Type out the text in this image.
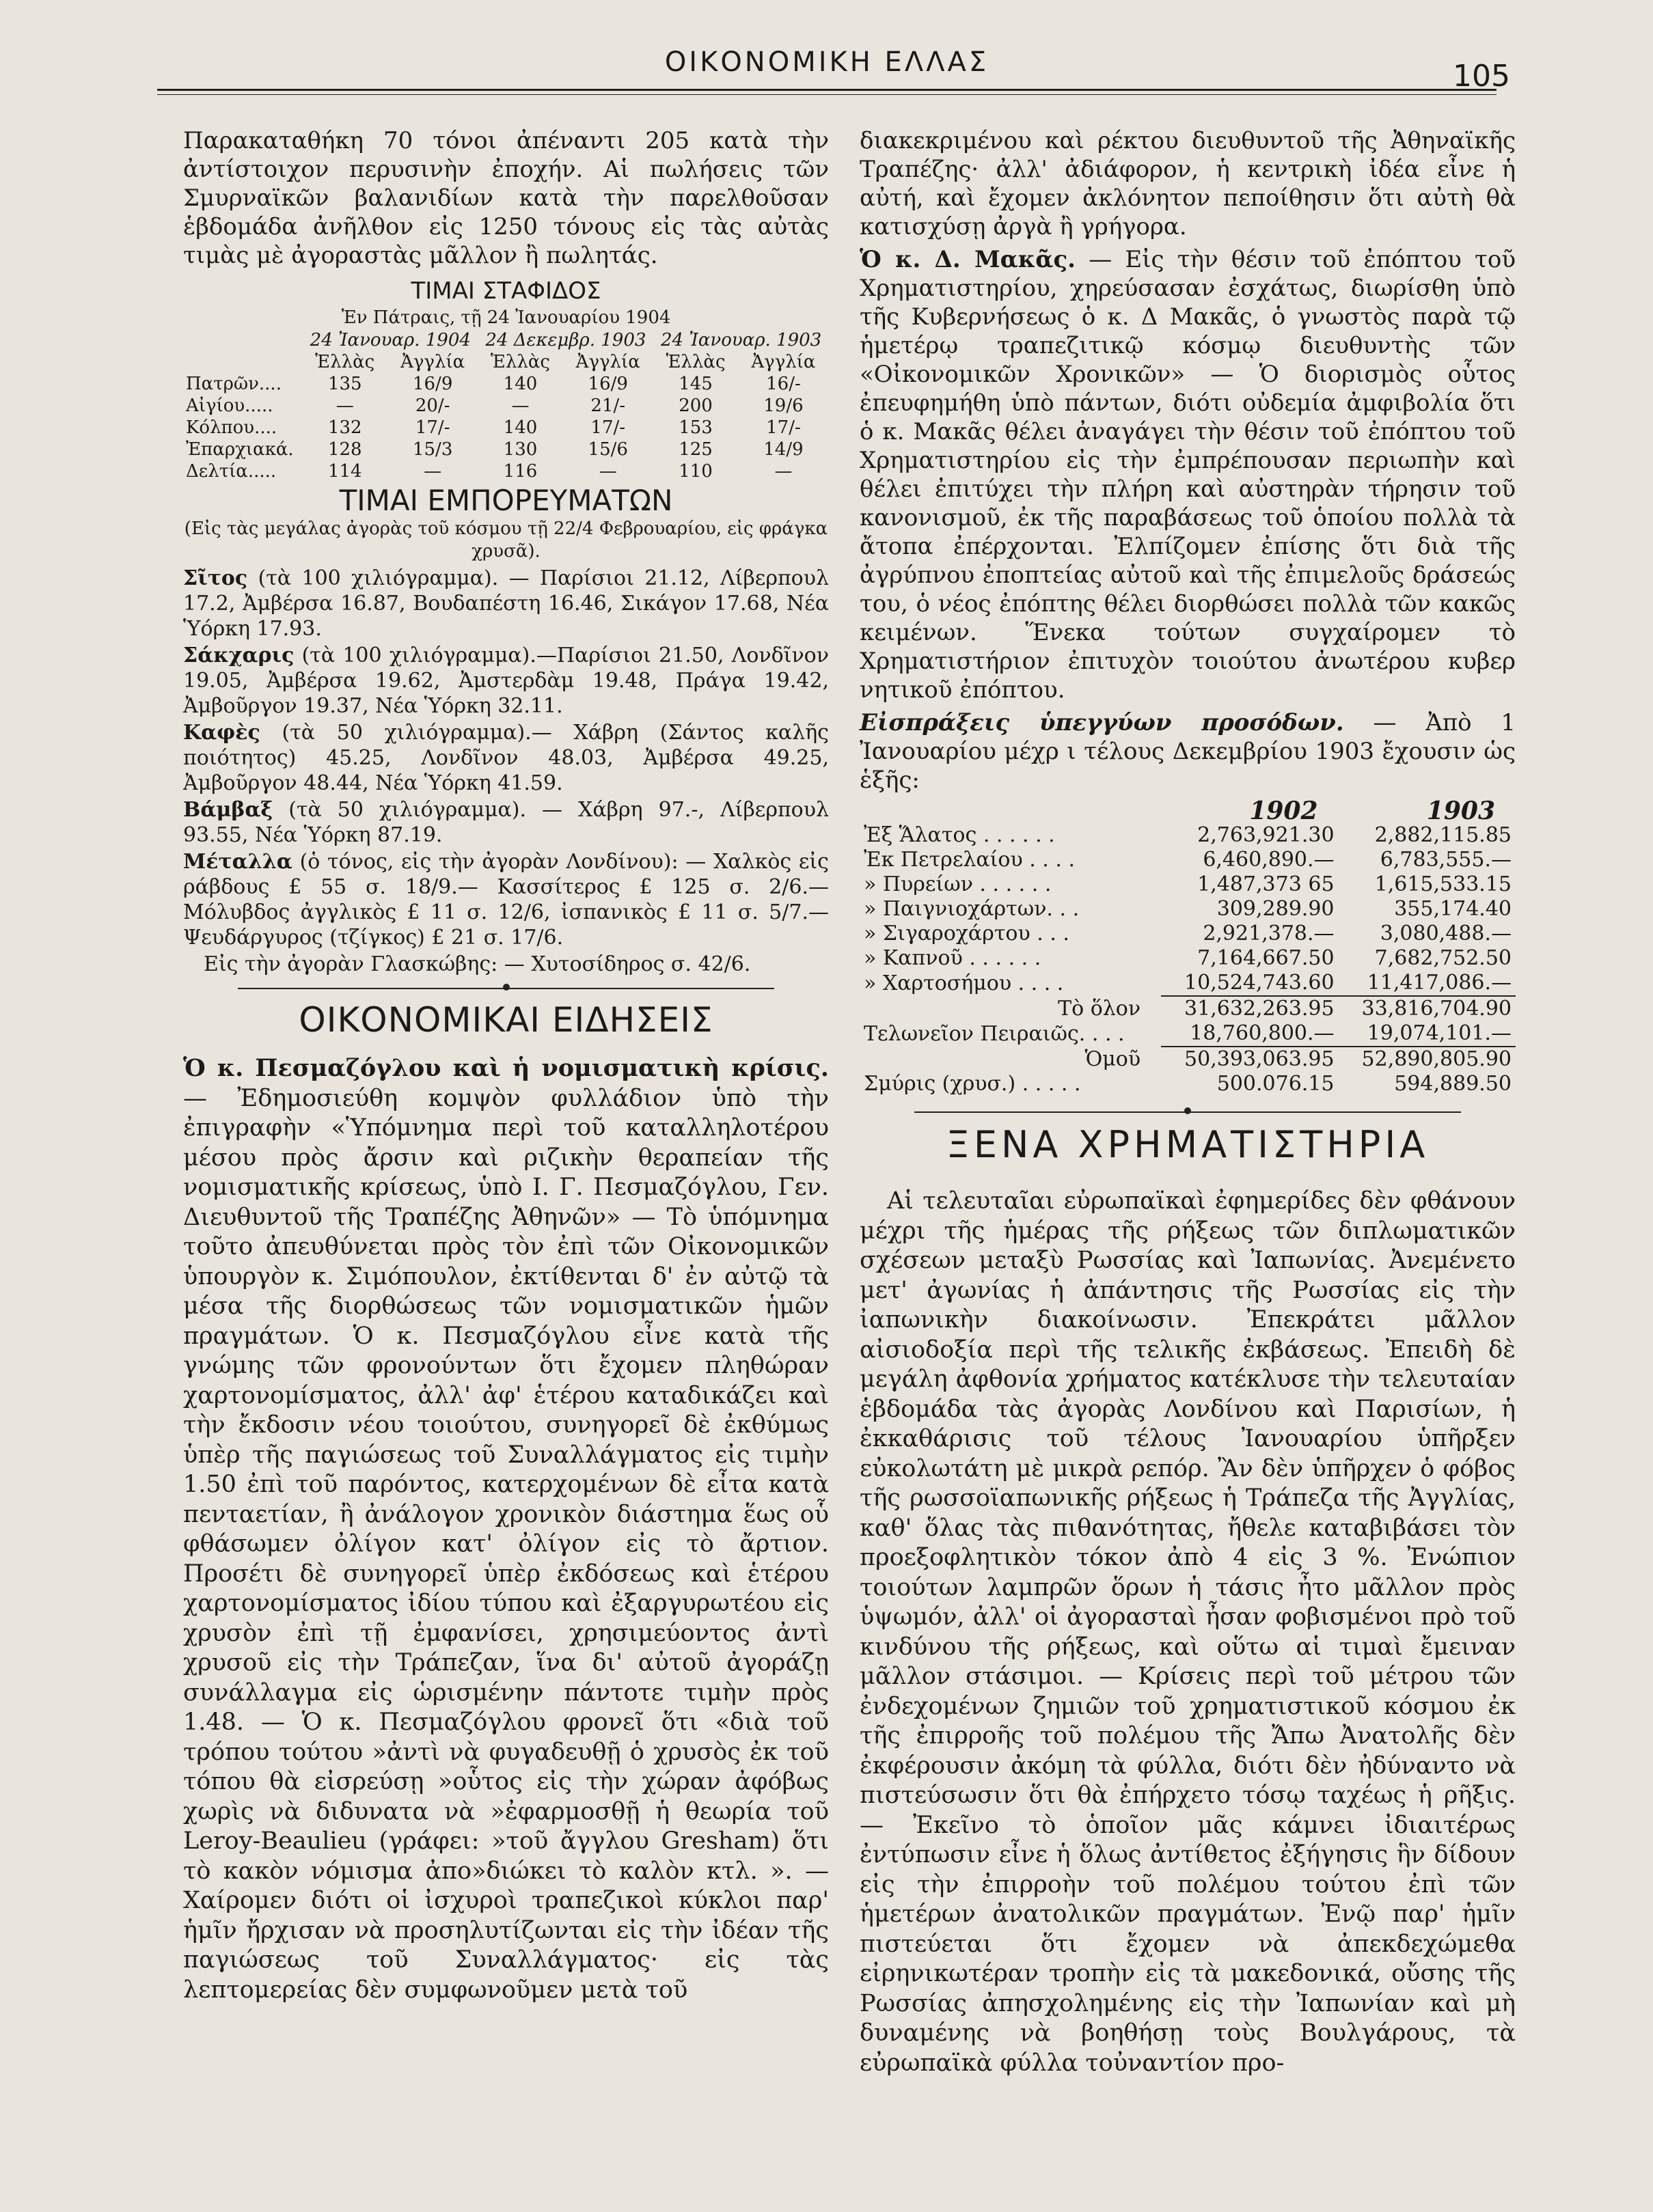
ΟΙΚΟΝΟΜΙΚΗ ΕΛΛΑΣ	105

Παρακαταθήκη 70 τόνοι ἀπέναντι 205 κατὰ τὴν ἀντίστοιχον περυσινὴν ἐποχήν. Αἱ πωλήσεις τῶν Σμυρναϊκῶν βαλανιδίων κατὰ τὴν παρελθοῦσαν ἑβδομάδα ἀνῆλθον εἰς 1250 τόνους εἰς τὰς αὐτὰς τιμὰς μὲ ἀγοραστὰς μᾶλλον ἢ πωλητάς.

ΤΙΜΑΙ ΣΤΑΦΙΔΟΣ
Ἐν Πάτραις, τῇ 24 Ἰανουαρίου 1904
	24 Ἰανουαρ. 1904		24 Δεκεμβρ. 1903		24 Ἰανουαρ. 1903	
	Ἑλλὰς	Ἀγγλία	Ἑλλὰς	Ἀγγλία	Ἑλλὰς	Ἀγγλία
Πατρῶν....	135	16/9	140	16/9	145	16/-
Αἰγίου.....	—	20/-	—	21/-	200	19/6
Κόλπου....	132	17/-	140	17/-	153	17/-
Ἐπαρχιακά.	128	15/3	130	15/6	125	14/9
Δελτία.....	114	—	116	—	110	—
ΤΙΜΑΙ ΕΜΠΟΡΕΥΜΑΤΩΝ
(Εἰς τὰς μεγάλας ἀγορὰς τοῦ κόσμου τῇ 22/4 Φεβρουαρίου, εἰς φράγκα χρυσᾶ).

Σῖτος (τὰ 100 χιλιόγραμμα). — Παρίσιοι 21.12, Λίβερπουλ 17.2, Ἀμβέρσα 16.87, Βουδαπέστη 16.46, Σικάγον 17.68, Νέα Ὑόρκη 17.93.

Σάκχαρις (τὰ 100 χιλιόγραμμα).—Παρίσιοι 21.50, Λονδῖνον 19.05, Ἀμβέρσα 19.62, Ἀμστερδὰμ 19.48, Πράγα 19.42, Ἀμβοῦργον 19.37, Νέα Ὑόρκη 32.11.

Καφὲς (τὰ 50 χιλιόγραμμα).— Χάβρη (Σάντος καλῆς ποιότητος) 45.25, Λονδῖνον 48.03, Ἀμβέρσα 49.25, Ἀμβοῦργον 48.44, Νέα Ὑόρκη 41.59.

Βάμβαξ (τὰ 50 χιλιόγραμμα). — Χάβρη 97.-, Λίβερπουλ 93.55, Νέα Ὑόρκη 87.19.

Μέταλλα (ὁ τόνος, εἰς τὴν ἀγορὰν Λονδίνου): — Χαλκὸς εἰς ράβδους £ 55 σ. 18/9.— Κασσίτερος £ 125 σ. 2/6.— Μόλυβδος ἀγγλικὸς £ 11 σ. 12/6, ἰσπανικὸς £ 11 σ. 5/7.— Ψευδάργυρος (τζίγκος) £ 21 σ. 17/6.

Εἰς τὴν ἀγορὰν Γλασκώβης: — Χυτοσίδηρος σ. 42/6.

ΟΙΚΟΝΟΜΙΚΑΙ ΕΙΔΗΣΕΙΣ

Ὁ κ. Πεσμαζόγλου καὶ ἡ νομισματικὴ κρίσις. — Ἐδημοσιεύθη κομψὸν φυλλάδιον ὑπὸ τὴν ἐπιγραφὴν «Ὑπόμνημα περὶ τοῦ καταλληλοτέρου μέσου πρὸς ἄρσιν καὶ ριζικὴν θεραπείαν τῆς νομισματικῆς κρίσεως, ὑπὸ Ι. Γ. Πεσμαζόγλου, Γεν. Διευθυντοῦ τῆς Τραπέζης Ἀθηνῶν» — Τὸ ὑπόμνημα τοῦτο ἀπευθύνεται πρὸς τὸν ἐπὶ τῶν Οἰκονομικῶν ὑπουργὸν κ. Σιμόπουλον, ἐκτίθενται δ' ἐν αὐτῷ τὰ μέσα τῆς διορθώσεως τῶν νομισματικῶν ἡμῶν πραγμάτων. Ὁ κ. Πεσμαζόγλου εἶνε κατὰ τῆς γνώμης τῶν φρονούντων ὅτι ἔχομεν πληθώραν χαρτονομίσματος, ἀλλ' ἀφ' ἑτέρου καταδικάζει καὶ τὴν ἔκδοσιν νέου τοιούτου, συνηγορεῖ δὲ ἐκθύμως ὑπὲρ τῆς παγιώσεως τοῦ Συναλλάγματος εἰς τιμὴν 1.50 ἐπὶ τοῦ παρόντος, κατερχομένων δὲ εἶτα κατὰ πενταετίαν, ἢ ἀνάλογον χρονικὸν διάστημα ἕως οὗ φθάσωμεν ὀλίγον κατ' ὀλίγον εἰς τὸ ἄρτιον. Προσέτι δὲ συνηγορεῖ ὑπὲρ ἐκδόσεως καὶ ἑτέρου χαρτονομίσματος ἰδίου τύπου καὶ ἐξαργυρωτέου εἰς χρυσὸν ἐπὶ τῇ ἐμφανίσει, χρησιμεύοντος ἀντὶ χρυσοῦ εἰς τὴν Τράπεζαν, ἵνα δι' αὐτοῦ ἀγοράζῃ συνάλλαγμα εἰς ὡρισμένην πάντοτε τιμὴν πρὸς 1.48. — Ὁ κ. Πεσμαζόγλου φρονεῖ ὅτι «διὰ τοῦ τρόπου τούτου »ἀντὶ νὰ φυγαδευθῇ ὁ χρυσὸς ἐκ τοῦ τόπου θὰ εἰσρεύσῃ »οὗτος εἰς τὴν χώραν ἀφόβως χωρὶς νὰ διδυνατα νὰ »ἐφαρμοσθῇ ἡ θεωρία τοῦ Leroy-Beaulieu (γράφει: »τοῦ ἄγγλου Gresham) ὅτι τὸ κακὸν νόμισμα ἀπο»διώκει τὸ καλὸν κτλ. ». — Χαίρομεν διότι οἱ ἰσχυροὶ τραπεζικοὶ κύκλοι παρ' ἡμῖν ἤρχισαν νὰ προσηλυτίζωνται εἰς τὴν ἰδέαν τῆς παγιώσεως τοῦ Συναλλάγματος· εἰς τὰς λεπτομερείας δὲν συμφωνοῦμεν μετὰ τοῦ

διακεκριμένου καὶ ρέκτου διευθυντοῦ τῆς Ἀθηναϊκῆς Τραπέζης· ἀλλ' ἀδιάφορον, ἡ κεντρικὴ ἰδέα εἶνε ἡ αὐτή, καὶ ἔχομεν ἀκλόνητον πεποίθησιν ὅτι αὐτὴ θὰ κατισχύσῃ ἀργὰ ἢ γρήγορα.

Ὁ κ. Δ. Μακᾶς. — Εἰς τὴν θέσιν τοῦ ἐπόπτου τοῦ Χρηματιστηρίου, χηρεύσασαν ἐσχάτως, διωρίσθη ὑπὸ τῆς Κυβερνήσεως ὁ κ. Δ Μακᾶς, ὁ γνωστὸς παρὰ τῷ ἡμετέρῳ τραπεζιτικῷ κόσμῳ διευθυντὴς τῶν «Οἰκονομικῶν Χρονικῶν» — Ὁ διορισμὸς οὗτος ἐπευφημήθη ὑπὸ πάντων, διότι οὐδεμία ἀμφιβολία ὅτι ὁ κ. Μακᾶς θέλει ἀναγάγει τὴν θέσιν τοῦ ἐπόπτου τοῦ Χρηματιστηρίου εἰς τὴν ἐμπρέπουσαν περιωπὴν καὶ θέλει ἐπιτύχει τὴν πλήρη καὶ αὐστηρὰν τήρησιν τοῦ κανονισμοῦ, ἐκ τῆς παραβάσεως τοῦ ὁποίου πολλὰ τὰ ἄτοπα ἐπέρχονται. Ἐλπίζομεν ἐπίσης ὅτι διὰ τῆς ἀγρύπνου ἐποπτείας αὐτοῦ καὶ τῆς ἐπιμελοῦς δράσεώς του, ὁ νέος ἐπόπτης θέλει διορθώσει πολλὰ τῶν κακῶς κειμένων. Ἕνεκα τούτων συγχαίρομεν τὸ Χρηματιστήριον ἐπιτυχὸν τοιούτου ἀνωτέρου κυβερ νητικοῦ ἐπόπτου.

Εἰσπράξεις ὑπεγγύων προσόδων. — Ἀπὸ 1 Ἰανουαρίου μέχρ ι τέλους Δεκεμβρίου 1903 ἔχουσιν ὡς ἑξῆς:

	1902	1903
Ἐξ Ἅλατος . . . . . .	2,763,921.30	2,882,115.85
Ἐκ Πετρελαίου . . . .	6,460,890.—	6,783,555.—
» Πυρείων . . . . . .	1,487,373 65	1,615,533.15
» Παιγνιοχάρτων. . .	309,289.90	355,174.40
» Σιγαροχάρτου . . .	2,921,378.—	3,080,488.—
» Καπνοῦ . . . . . .	7,164,667.50	7,682,752.50
» Χαρτοσήμου . . . .	10,524,743.60	11,417,086.—
Τὸ ὅλον	31,632,263.95	33,816,704.90
Τελωνεῖον Πειραιῶς. . . .	18,760,800.—	19,074,101.—
Ὁμοῦ	50,393,063.95	52,890,805.90
Σμύρις (χρυσ.) . . . . .	500.076.15	594,889.50
ΞΕΝΑ ΧΡΗΜΑΤΙΣΤΗΡΙΑ

Αἱ τελευταῖαι εὐρωπαϊκαὶ ἐφημερίδες δὲν φθάνουν μέχρι τῆς ἡμέρας τῆς ρήξεως τῶν διπλωματικῶν σχέσεων μεταξὺ Ρωσσίας καὶ Ἰαπωνίας. Ἀνεμένετο μετ' ἀγωνίας ἡ ἀπάντησις τῆς Ρωσσίας εἰς τὴν ἰαπωνικὴν διακοίνωσιν. Ἐπεκράτει μᾶλλον αἰσιοδοξία περὶ τῆς τελικῆς ἐκβάσεως. Ἐπειδὴ δὲ μεγάλη ἀφθονία χρήματος κατέκλυσε τὴν τελευταίαν ἑβδομάδα τὰς ἀγορὰς Λονδίνου καὶ Παρισίων, ἡ ἐκκαθάρισις τοῦ τέλους Ἰανουαρίου ὑπῆρξεν εὐκολωτάτη μὲ μικρὰ ρεπόρ. Ἂν δὲν ὑπῆρχεν ὁ φόβος τῆς ρωσσοϊαπωνικῆς ρήξεως ἡ Τράπεζα τῆς Ἀγγλίας, καθ' ὅλας τὰς πιθανότητας, ἤθελε καταβιβάσει τὸν προεξοφλητικὸν τόκον ἀπὸ 4 εἰς 3 %. Ἐνώπιον τοιούτων λαμπρῶν ὅρων ἡ τάσις ἦτο μᾶλλον πρὸς ὑψωμόν, ἀλλ' οἱ ἀγορασταὶ ἦσαν φοβισμένοι πρὸ τοῦ κινδύνου τῆς ρήξεως, καὶ οὕτω αἱ τιμαὶ ἔμειναν μᾶλλον στάσιμοι. — Κρίσεις περὶ τοῦ μέτρου τῶν ἐνδεχομένων ζημιῶν τοῦ χρηματιστικοῦ κόσμου ἐκ τῆς ἐπιρροῆς τοῦ πολέμου τῆς Ἄπω Ἀνατολῆς δὲν ἐκφέρουσιν ἀκόμη τὰ φύλλα, διότι δὲν ἠδύναντο νὰ πιστεύσωσιν ὅτι θὰ ἐπήρχετο τόσῳ ταχέως ἡ ρῆξις. — Ἐκεῖνο τὸ ὁποῖον μᾶς κάμνει ἰδιαιτέρως ἐντύπωσιν εἶνε ἡ ὅλως ἀντίθετος ἐξήγησις ἣν δίδουν εἰς τὴν ἐπιρροὴν τοῦ πολέμου τούτου ἐπὶ τῶν ἡμετέρων ἀνατολικῶν πραγμάτων. Ἐνῷ παρ' ἡμῖν πιστεύεται ὅτι ἔχομεν νὰ ἀπεκδεχώμεθα εἰρηνικωτέραν τροπὴν εἰς τὰ μακεδονικά, οὔσης τῆς Ρωσσίας ἀπησχολημένης εἰς τὴν Ἰαπωνίαν καὶ μὴ δυναμένης νὰ βοηθήσῃ τοὺς Βουλγάρους, τὰ εὐρωπαϊκὰ φύλλα τοὐναντίον προ-
